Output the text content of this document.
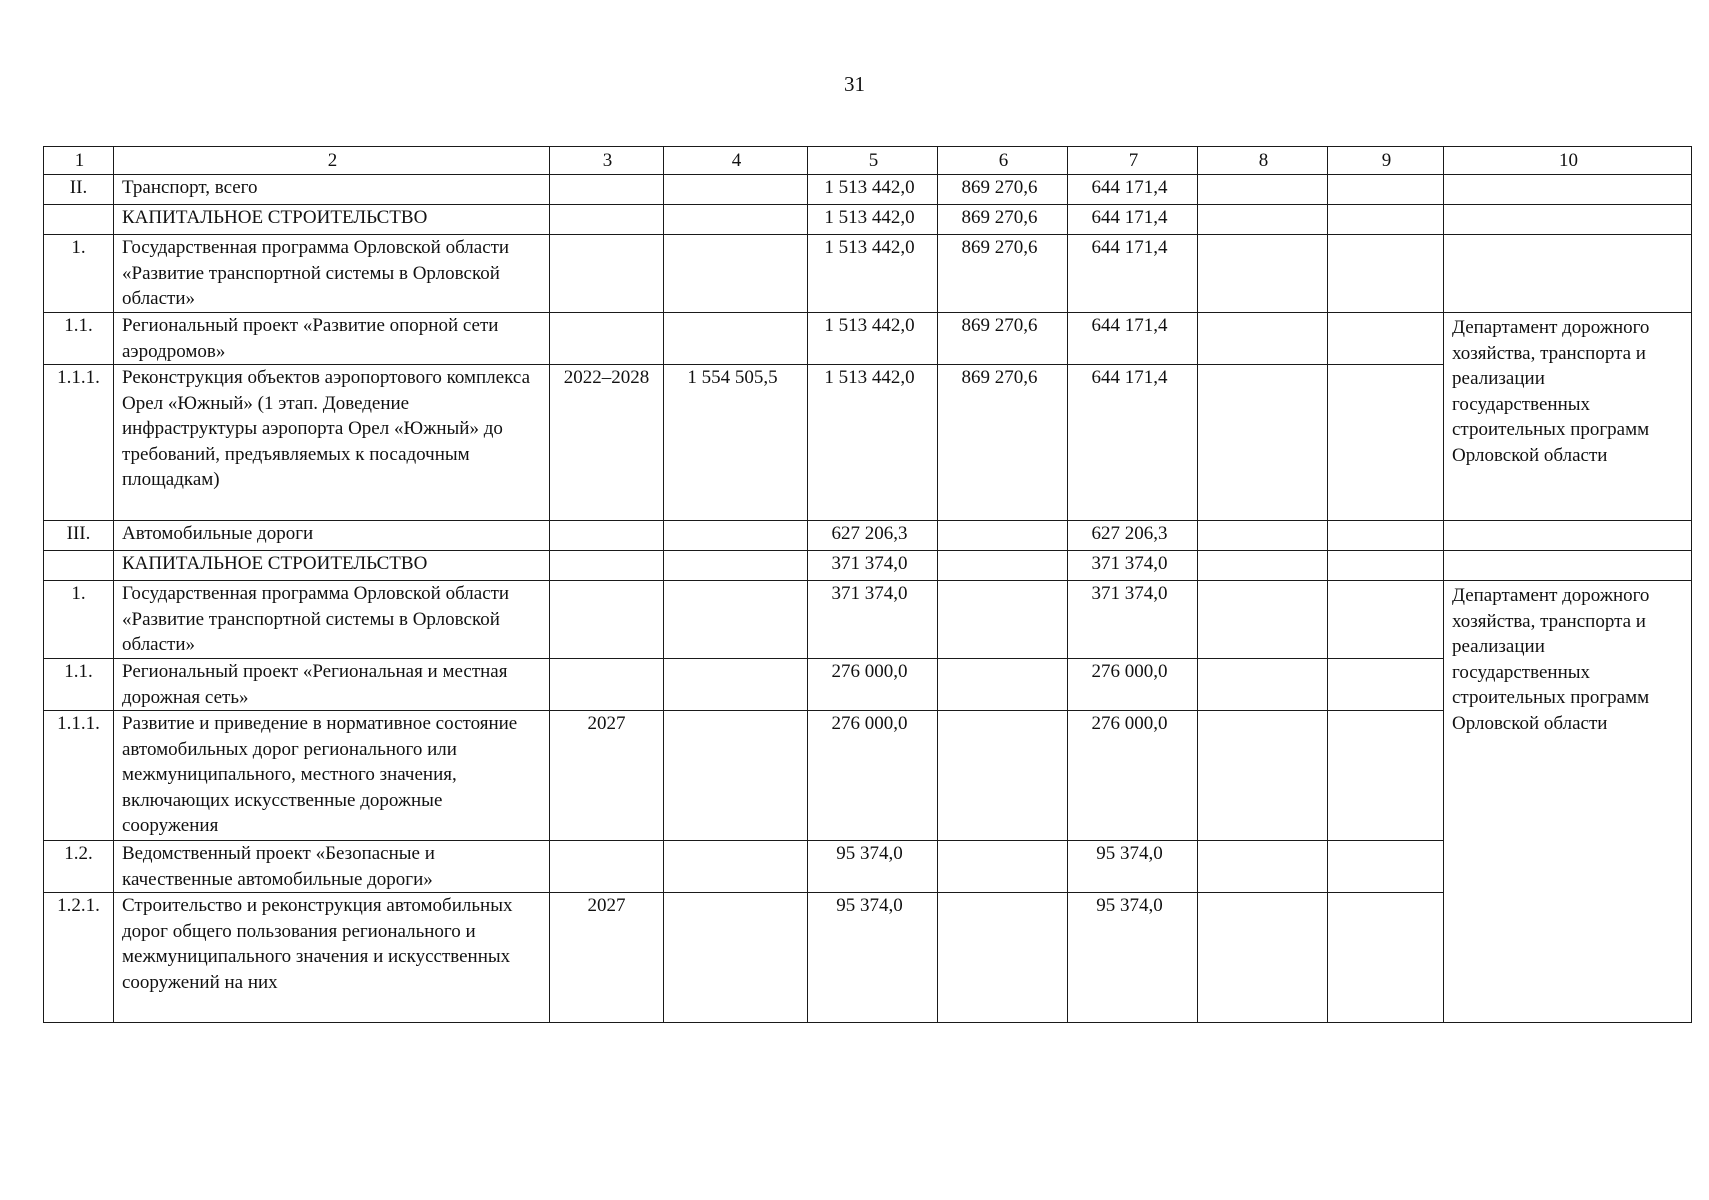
31
1	2	3	4	5	6	7	8	9	10
II.	Транспорт, всего			1 513 442,0	869 270,6	644 171,4			
	КАПИТАЛЬНОЕ СТРОИТЕЛЬСТВО			1 513 442,0	869 270,6	644 171,4			
1.	Государственная программа Орловской области «Развитие транспортной системы в Орловской области»			1 513 442,0	869 270,6	644 171,4			
1.1.	Региональный проект «Развитие опорной сети аэродромов»			1 513 442,0	869 270,6	644 171,4			Департамент дорожного хозяйства, транспорта и реализации государственных строительных программ Орловской области

1.1.1.	Реконструкция объектов аэропортового комплекса Орел «Южный» (1 этап. Доведение инфраструктуры аэропорта Орел «Южный» до требований, предъявляемых к посадочным площадкам)	2022–2028	1 554 505,5	1 513 442,0	869 270,6	644 171,4			
III.	Автомобильные дороги			627 206,3		627 206,3			
	КАПИТАЛЬНОЕ СТРОИТЕЛЬСТВО			371 374,0		371 374,0			
1.	Государственная программа Орловской области «Развитие транспортной системы в Орловской области»			371 374,0		371 374,0			Департамент дорожного хозяйства, транспорта и реализации государственных строительных программ Орловской области

1.1.	Региональный проект «Региональная и местная дорожная сеть»			276 000,0		276 000,0			
1.1.1.	Развитие и приведение в нормативное состояние автомобильных дорог регионального или межмуниципального, местного значения, включающих искусственные дорожные сооружения	2027		276 000,0		276 000,0			
1.2.	Ведомственный проект «Безопасные и качественные автомобильные дороги»			95 374,0		95 374,0			
1.2.1.	Строительство и реконструкция автомобильных дорог общего пользования регионального и межмуниципального значения и искусственных сооружений на них	2027		95 374,0		95 374,0			
